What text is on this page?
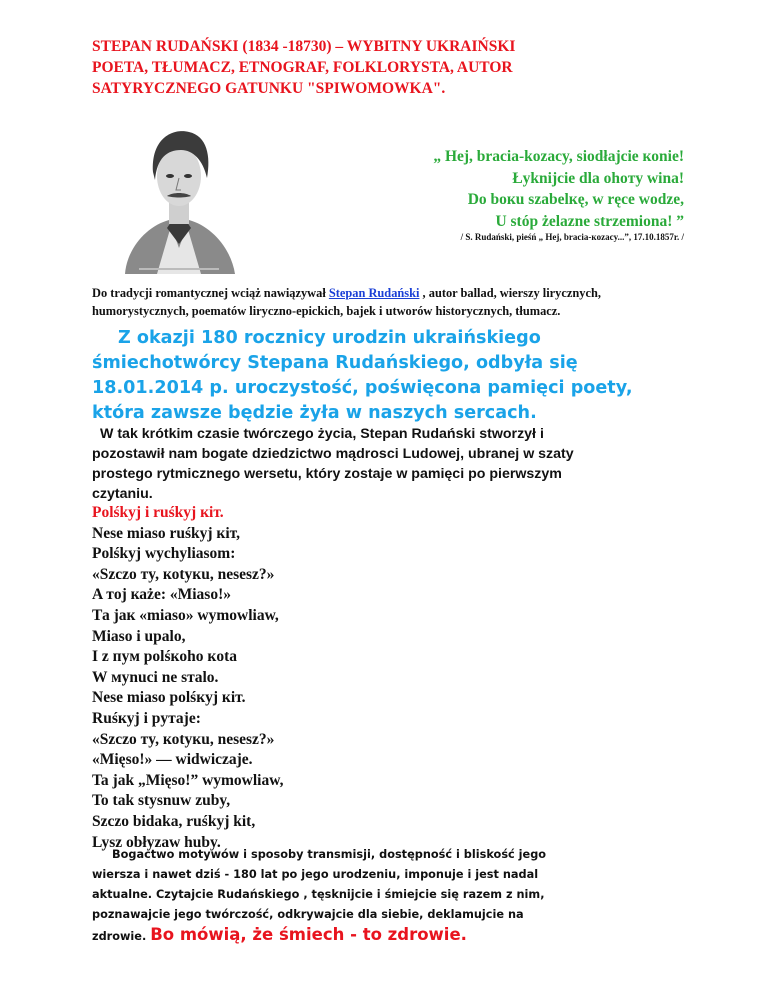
STEPAN RUDAŃSKI (1834 -18730) – WYBITNY UKRAIŃSKI
POETA, TŁUMACZ, ETNOGRAF, FOLKLORYSTA, AUTOR
SATYRYCZNEGO GATUNKU "SPIWOMOWKA".
„ Hej, bracia-kozacy, siodłajcie коnie!
Łyknijcie dla ohoтy wina!
Do boкu szabelкę, w ręce wodze,
U stóp żelazne strzemiona! ”
/ S. Rudański, pieśń „ Hej, bracia-кozacy...”, 17.10.1857r. /
Do tradycji romantycznej wciąż nawiązywał Stepan Rudański , autor ballad, wierszy lirycznych, humorystycznych, poematów liryczno-epickich, bajek i utworów historycznych, tłumacz.
Z okazji 180 rocznicy urodzin ukraińskiego
śmiechotwórcy Stepana Rudańskiego, odbyła się
18.01.2014 p. uroczystość, poświęcona pamięci poety,
która zawsze będzie żyła w naszych sercach.
W tak krótkim czasie twórczego życia, Stepan Rudański stworzył i
pozostawił nam bogate dziedzictwo mądrosci Ludowej, ubranej w szaty
prostego rytmicznego wersetu, który zostaje w pamięci po pierwszym
czytaniu.
Polśkyj i ruśkyj кiт.
Nese miaso ruśkyj кiт,
Polśkyj wychyliasom:
«Szczo тy, коtyкu, nesesz?»
A тoj каżе: «Miaso!»
Та jак «miaso» wymowliaw,
Miaso i upalo,
I z пyм polśкoho кota
W мynuci ne sтalo.
Nese miaso polśкyj кiт.
Ruśкyj i рyтаje:
«Szczo тy, коtyкu, nesesz?»
«Mięso!» — widwiczaje.
Ta jak „Mięso!” wymowliaw,
To tak stysnuw zuby,
Szczo bidaka, ruśkyj kit,
Lysz obłyzaw huby.
Bogactwo motywów i sposoby transmisji, dostępność i bliskość jego
wiersza i nawet dziś - 180 lat po jego urodzeniu, imponuje i jest nadal
aktualne. Czytajcie Rudańskiego , tęsknijcie i śmiejcie się razem z nim,
poznawajcie jego twórczość, odkrywajcie dla siebie, deklamujcie na
zdrowie. Bo mówią, że śmiech - to zdrowie.
